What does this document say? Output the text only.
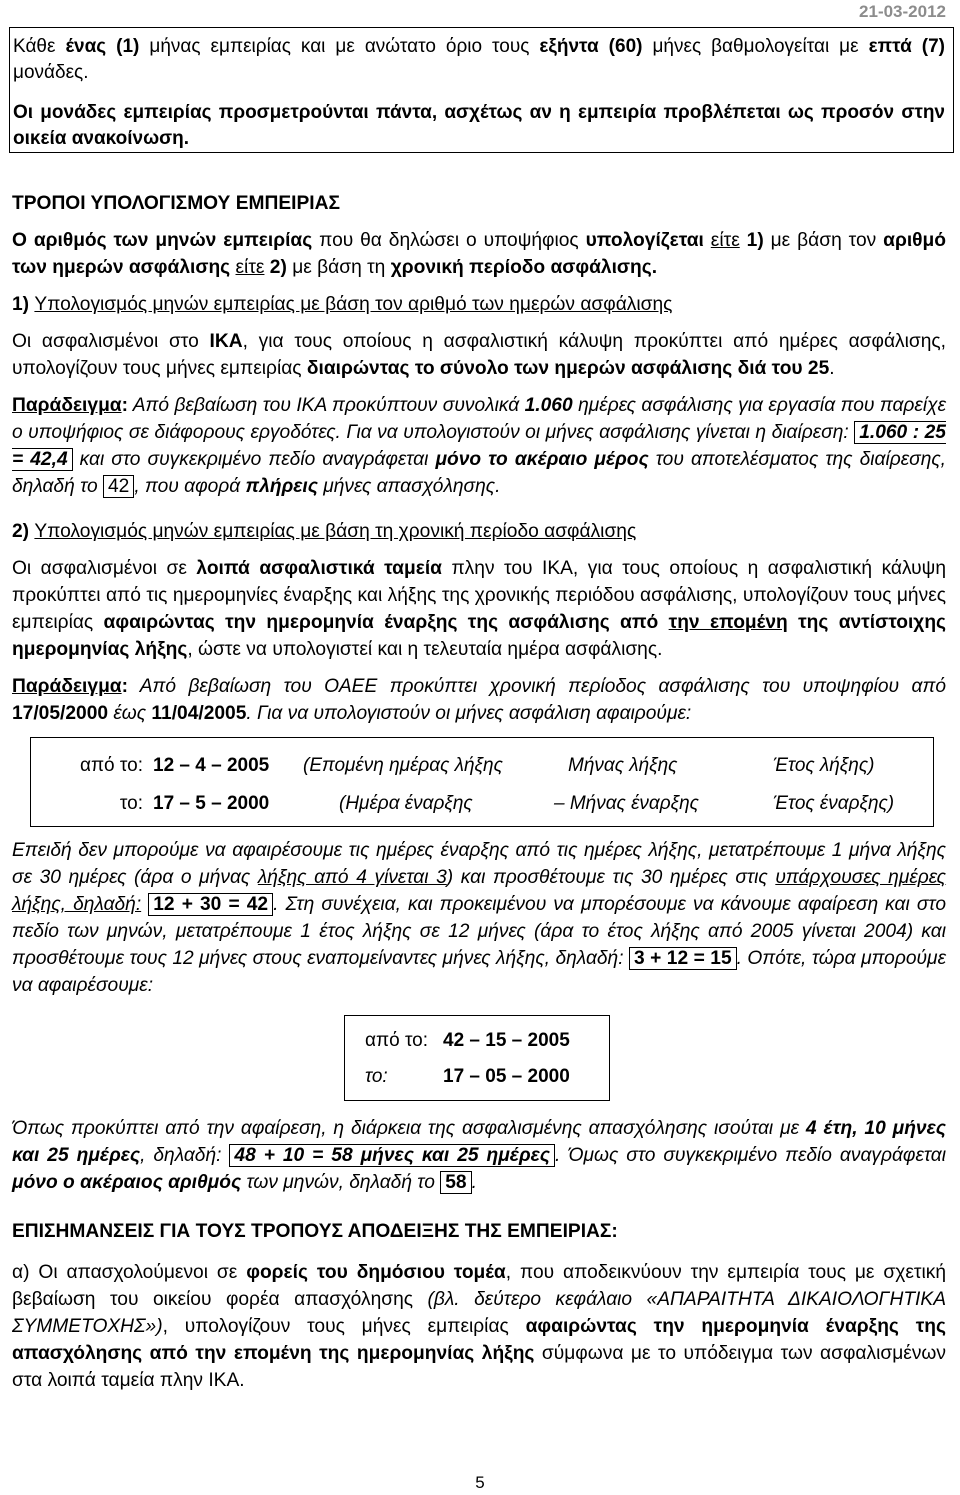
21-03-2012

Κάθε ένας (1) μήνας εμπειρίας και με ανώτατο όριο τους εξήντα (60) μήνες βαθμολογείται με επτά (7) μονάδες.

Οι μονάδες εμπειρίας προσμετρούνται πάντα, ασχέτως αν η εμπειρία προβλέπεται ως προσόν στην οικεία ανακοίνωση.

ΤΡΟΠΟΙ ΥΠΟΛΟΓΙΣΜΟΥ ΕΜΠΕΙΡΙΑΣ

Ο αριθμός των μηνών εμπειρίας που θα δηλώσει ο υποψήφιος υπολογίζεται είτε 1) με βάση τον αριθμό των ημερών ασφάλισης είτε 2) με βάση τη χρονική περίοδο ασφάλισης.

1) Υπολογισμός μηνών εμπειρίας με βάση τον αριθμό των ημερών ασφάλισης

Οι ασφαλισμένοι στο ΙΚΑ, για τους οποίους η ασφαλιστική κάλυψη προκύπτει από ημέρες ασφάλισης, υπολογίζουν τους μήνες εμπειρίας διαιρώντας το σύνολο των ημερών ασφάλισης διά του 25.

Παράδειγμα: Από βεβαίωση του ΙΚΑ προκύπτουν συνολικά 1.060 ημέρες ασφάλισης για εργασία που παρείχε ο υποψήφιος σε διάφορους εργοδότες. Για να υπολογιστούν οι μήνες ασφάλισης γίνεται η διαίρεση: 1.060 : 25 = 42,4 και στο συγκεκριμένο πεδίο αναγράφεται μόνο το ακέραιο μέρος του αποτελέσματος της διαίρεσης, δηλαδή το 42 , που αφορά πλήρεις μήνες απασχόλησης.

2) Υπολογισμός μηνών εμπειρίας με βάση τη χρονική περίοδο ασφάλισης

Οι ασφαλισμένοι σε λοιπά ασφαλιστικά ταμεία πλην του ΙΚΑ, για τους οποίους η ασφαλιστική κάλυψη προκύπτει από τις ημερομηνίες έναρξης και λήξης της χρονικής περιόδου ασφάλισης, υπολογίζουν τους μήνες εμπειρίας αφαιρώντας την ημερομηνία έναρξης της ασφάλισης από την επομένη της αντίστοιχης ημερομηνίας λήξης, ώστε να υπολογιστεί και η τελευταία ημέρα ασφάλισης.

Παράδειγμα: Από βεβαίωση του ΟΑΕΕ προκύπτει χρονική περίοδος ασφάλισης του υποψηφίου από 17/05/2000 έως 11/04/2005. Για να υπολογιστούν οι μήνες ασφάλιση αφαιρούμε:

από το: 12 – 4 – 2005	(Επομένη ημέρας λήξης	Μήνας λήξης	Έτος λήξης)
το: 17 – 5 – 2000	(Ημέρα έναρξης	– Μήνας έναρξης	Έτος έναρξης)

Επειδή δεν μπορούμε να αφαιρέσουμε τις ημέρες έναρξης από τις ημέρες λήξης, μετατρέπουμε 1 μήνα λήξης σε 30 ημέρες (άρα ο μήνας λήξης από 4 γίνεται 3) και προσθέτουμε τις 30 ημέρες στις υπάρχουσες ημέρες λήξης, δηλαδή: 12 + 30 = 42 . Στη συνέχεια, και προκειμένου να μπορέσουμε να κάνουμε αφαίρεση και στο πεδίο των μηνών, μετατρέπουμε 1 έτος λήξης σε 12 μήνες (άρα το έτος λήξης από 2005 γίνεται 2004) και προσθέτουμε τους 12 μήνες στους εναπομείναντες μήνες λήξης, δηλαδή: 3 + 12 = 15 . Οπότε, τώρα μπορούμε να αφαιρέσουμε:

από το: 42 – 15 – 2005
το:	17 – 05 – 2000

Όπως προκύπτει από την αφαίρεση, η διάρκεια της ασφαλισμένης απασχόλησης ισούται με 4 έτη, 10 μήνες και 25 ημέρες, δηλαδή: 48 + 10 = 58 μήνες και 25 ημέρες . Όμως στο συγκεκριμένο πεδίο αναγράφεται μόνο ο ακέραιος αριθμός των μηνών, δηλαδή το 58 .

ΕΠΙΣΗΜΑΝΣΕΙΣ ΓΙΑ ΤΟΥΣ ΤΡΟΠΟΥΣ ΑΠΟΔΕΙΞΗΣ ΤΗΣ ΕΜΠΕΙΡΙΑΣ:

α) Οι απασχολούμενοι σε φορείς του δημόσιου τομέα, που αποδεικνύουν την εμπειρία τους με σχετική βεβαίωση του οικείου φορέα απασχόλησης (βλ. δεύτερο κεφάλαιο «ΑΠΑΡΑΙΤΗΤΑ ΔΙΚΑΙΟΛΟΓΗΤΙΚΑ ΣΥΜΜΕΤΟΧΗΣ»), υπολογίζουν τους μήνες εμπειρίας αφαιρώντας την ημερομηνία έναρξης της απασχόλησης από την επομένη της ημερομηνίας λήξης σύμφωνα με το υπόδειγμα των ασφαλισμένων στα λοιπά ταμεία πλην ΙΚΑ.

5
